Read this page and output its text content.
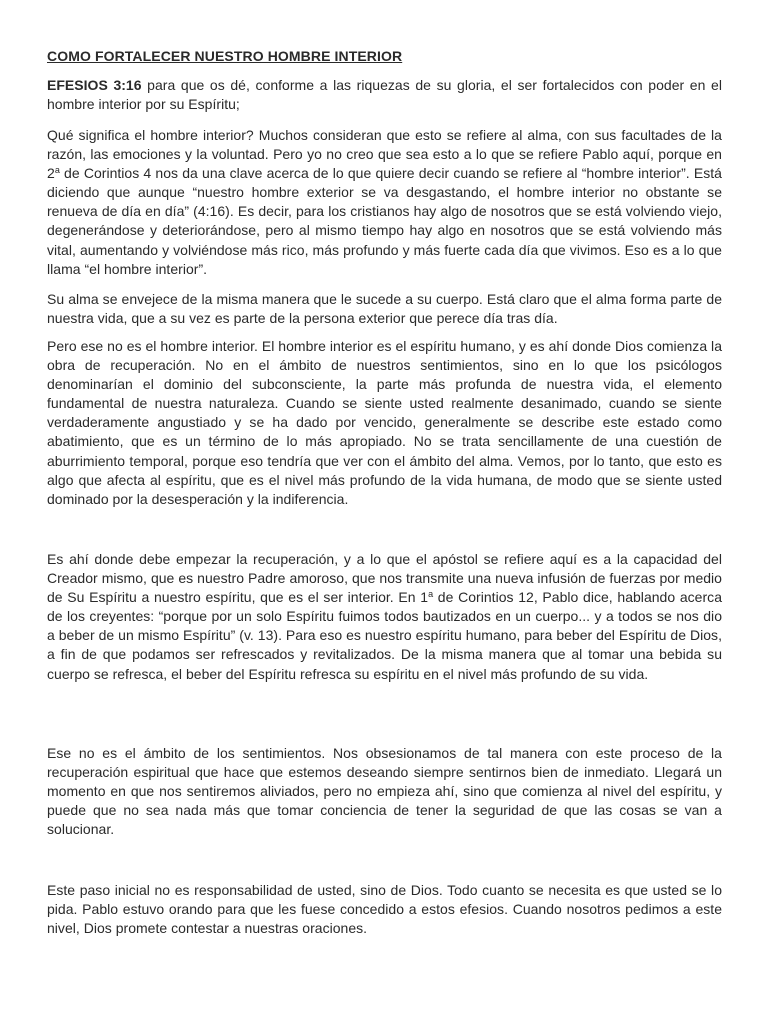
COMO FORTALECER NUESTRO HOMBRE INTERIOR

EFESIOS 3:16 para que os dé, conforme a las riquezas de su gloria, el ser fortalecidos con poder en el hombre interior por su Espíritu;

Qué significa el hombre interior? Muchos consideran que esto se refiere al alma, con sus facultades de la razón, las emociones y la voluntad. Pero yo no creo que sea esto a lo que se refiere Pablo aquí, porque en 2$^a$ de Corintios 4 nos da una clave acerca de lo que quiere decir cuando se refiere al “hombre interior”. Está diciendo que aunque “nuestro hombre exterior se va desgastando, el hombre interior no obstante se renueva de día en día” (4:16). Es decir, para los cristianos hay algo de nosotros que se está volviendo viejo, degenerándose y deteriorándose, pero al mismo tiempo hay algo en nosotros que se está volviendo más vital, aumentando y volviéndose más rico, más profundo y más fuerte cada día que vivimos. Eso es a lo que llama “el hombre interior”.

Su alma se envejece de la misma manera que le sucede a su cuerpo. Está claro que el alma forma parte de nuestra vida, que a su vez es parte de la persona exterior que perece día tras día.

Pero ese no es el hombre interior. El hombre interior es el espíritu humano, y es ahí donde Dios comienza la obra de recuperación. No en el ámbito de nuestros sentimientos, sino en lo que los psicólogos denominarían el dominio del subconsciente, la parte más profunda de nuestra vida, el elemento fundamental de nuestra naturaleza. Cuando se siente usted realmente desanimado, cuando se siente verdaderamente angustiado y se ha dado por vencido, generalmente se describe este estado como abatimiento, que es un término de lo más apropiado. No se trata sencillamente de una cuestión de aburrimiento temporal, porque eso tendría que ver con el ámbito del alma. Vemos, por lo tanto, que esto es algo que afecta al espíritu, que es el nivel más profundo de la vida humana, de modo que se siente usted dominado por la desesperación y la indiferencia.

Es ahí donde debe empezar la recuperación, y a lo que el apóstol se refiere aquí es a la capacidad del Creador mismo, que es nuestro Padre amoroso, que nos transmite una nueva infusión de fuerzas por medio de Su Espíritu a nuestro espíritu, que es el ser interior. En 1$^a$ de Corintios 12, Pablo dice, hablando acerca de los creyentes: “porque por un solo Espíritu fuimos todos bautizados en un cuerpo... y a todos se nos dio a beber de un mismo Espíritu” (v. 13). Para eso es nuestro espíritu humano, para beber del Espíritu de Dios, a fin de que podamos ser refrescados y revitalizados. De la misma manera que al tomar una bebida su cuerpo se refresca, el beber del Espíritu refresca su espíritu en el nivel más profundo de su vida.

Ese no es el ámbito de los sentimientos. Nos obsesionamos de tal manera con este proceso de la recuperación espiritual que hace que estemos deseando siempre sentirnos bien de inmediato. Llegará un momento en que nos sentiremos aliviados, pero no empieza ahí, sino que comienza al nivel del espíritu, y puede que no sea nada más que tomar conciencia de tener la seguridad de que las cosas se van a solucionar.

Este paso inicial no es responsabilidad de usted, sino de Dios. Todo cuanto se necesita es que usted se lo pida. Pablo estuvo orando para que les fuese concedido a estos efesios. Cuando nosotros pedimos a este nivel, Dios promete contestar a nuestras oraciones.
